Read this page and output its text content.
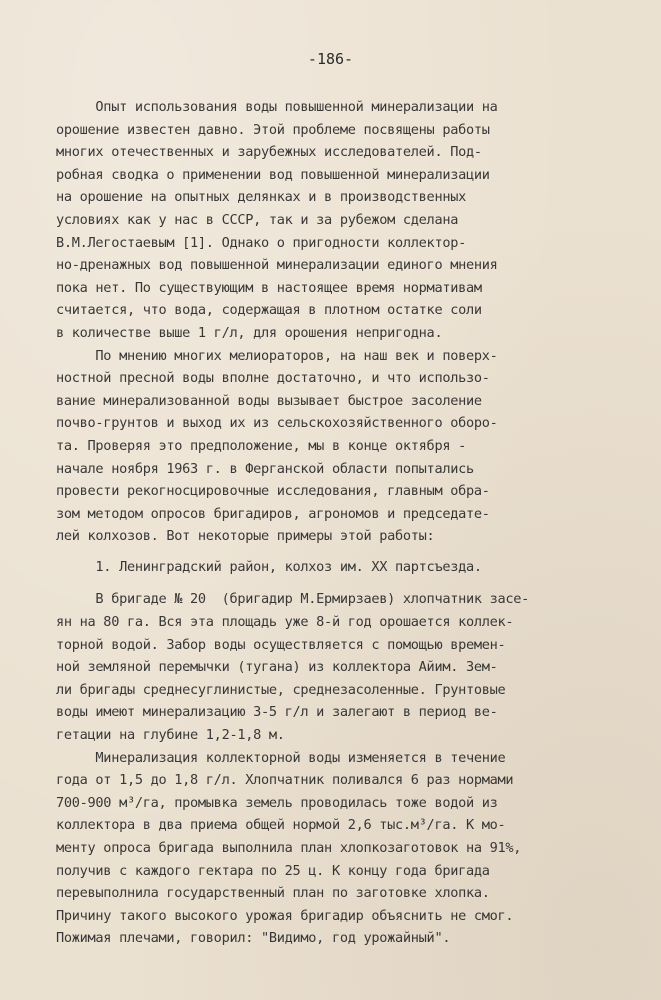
-186-
Опыт использования воды повышенной минерализации на
орошение известен давно. Этой проблеме посвящены работы
многих отечественных и зарубежных исследователей. Под-
робная сводка о применении вод повышенной минерализации
на орошение на опытных делянках и в производственных
условиях как у нас в СССР, так и за рубежом сделана
В.М.Легостаевым [1]. Однако о пригодности коллектор-
но-дренажных вод повышенной минерализации единого мнения
пока нет. По существующим в настоящее время нормативам
считается, что вода, содержащая в плотном остатке соли
в количестве выше 1 г/л, для орошения непригодна.
По мнению многих мелиораторов, на наш век и поверх-
ностной пресной воды вполне достаточно, и что использо-
вание минерализованной воды вызывает быстрое засоление
почво-грунтов и выход их из сельскохозяйственного оборо-
та. Проверяя это предположение, мы в конце октября -
начале ноября 1963 г. в Ферганской области попытались
провести рекогносцировочные исследования, главным обра-
зом методом опросов бригадиров, агрономов и председате-
лей колхозов. Вот некоторые примеры этой работы:
1. Ленинградский район, колхоз им. XX партсъезда.
В бригаде № 20  (бригадир М.Ермирзаев) хлопчатник засе-
ян на 80 га. Вся эта площадь уже 8-й год орошается коллек-
торной водой. Забор воды осуществляется с помощью времен-
ной земляной перемычки (тугана) из коллектора Айим. Зем-
ли бригады среднесуглинистые, среднезасоленные. Грунтовые
воды имеют минерализацию 3-5 г/л и залегают в период ве-
гетации на глубине 1,2-1,8 м.
Минерализация коллекторной воды изменяется в течение
года от 1,5 до 1,8 г/л. Хлопчатник поливался 6 раз нормами
700-900 м³/га, промывка земель проводилась тоже водой из
коллектора в два приема общей нормой 2,6 тыс.м³/га. К мо-
менту опроса бригада выполнила план хлопкозаготовок на 91%,
получив с каждого гектара по 25 ц. К концу года бригада
перевыполнила государственный план по заготовке хлопка.
Причину такого высокого урожая бригадир объяснить не смог.
Пожимая плечами, говорил: "Видимо, год урожайный".
